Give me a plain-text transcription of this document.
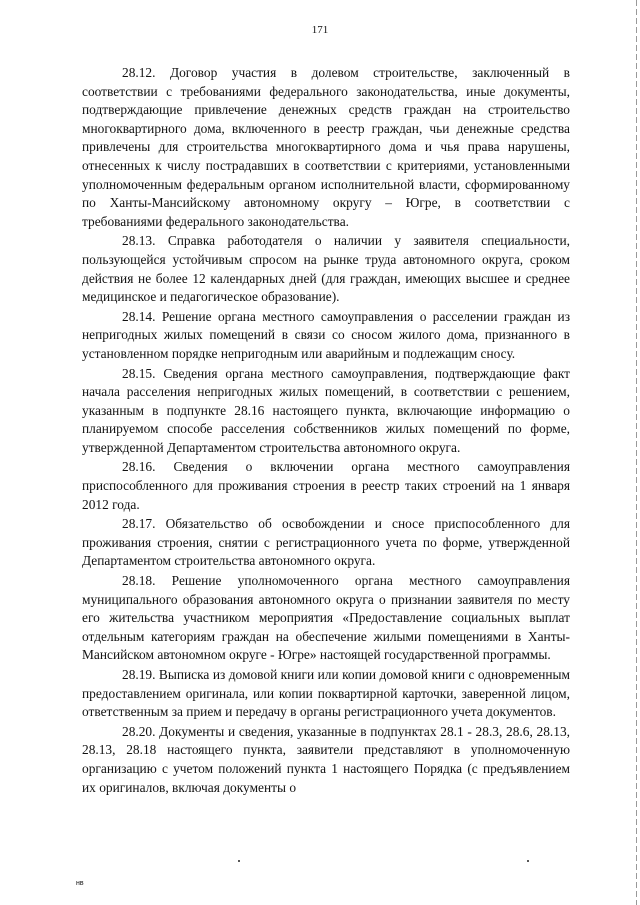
171

28.12. Договор участия в долевом строительстве, заключенный в соответствии с требованиями федерального законодательства, иные документы, подтверждающие привлечение денежных средств граждан на строительство многоквартирного дома, включенного в реестр граждан, чьи денежные средства привлечены для строительства многоквартирного дома и чья права нарушены, отнесенных к числу пострадавших в соответствии с критериями, установленными уполномоченным федеральным органом исполнительной власти, сформированному по Ханты-Мансийскому автономному округу – Югре, в соответствии с требованиями федерального законодательства.

28.13. Справка работодателя о наличии у заявителя специальности, пользующейся устойчивым спросом на рынке труда автономного округа, сроком действия не более 12 календарных дней (для граждан, имеющих высшее и среднее медицинское и педагогическое образование).

28.14. Решение органа местного самоуправления о расселении граждан из непригодных жилых помещений в связи со сносом жилого дома, признанного в установленном порядке непригодным или аварийным и подлежащим сносу.

28.15. Сведения органа местного самоуправления, подтверждающие факт начала расселения непригодных жилых помещений, в соответствии с решением, указанным в подпункте 28.16 настоящего пункта, включающие информацию о планируемом способе расселения собственников жилых помещений по форме, утвержденной Департаментом строительства автономного округа.

28.16. Сведения о включении органа местного самоуправления приспособленного для проживания строения в реестр таких строений на 1 января 2012 года.

28.17. Обязательство об освобождении и сносе приспособленного для проживания строения, снятии с регистрационного учета по форме, утвержденной Департаментом строительства автономного округа.

28.18. Решение уполномоченного органа местного самоуправления муниципального образования автономного округа о признании заявителя по месту его жительства участником мероприятия «Предоставление социальных выплат отдельным категориям граждан на обеспечение жилыми помещениями в Ханты-Мансийском автономном округе - Югре» настоящей государственной программы.

28.19. Выписка из домовой книги или копии домовой книги с одновременным предоставлением оригинала, или копии поквартирной карточки, заверенной лицом, ответственным за прием и передачу в органы регистрационного учета документов.

28.20. Документы и сведения, указанные в подпунктах 28.1 - 28.3, 28.6, 28.13, 28.13, 28.18 настоящего пункта, заявители представляют в уполномоченную организацию с учетом положений пункта 1 настоящего Порядка (с предъявлением их оригиналов, включая документы о

нв
